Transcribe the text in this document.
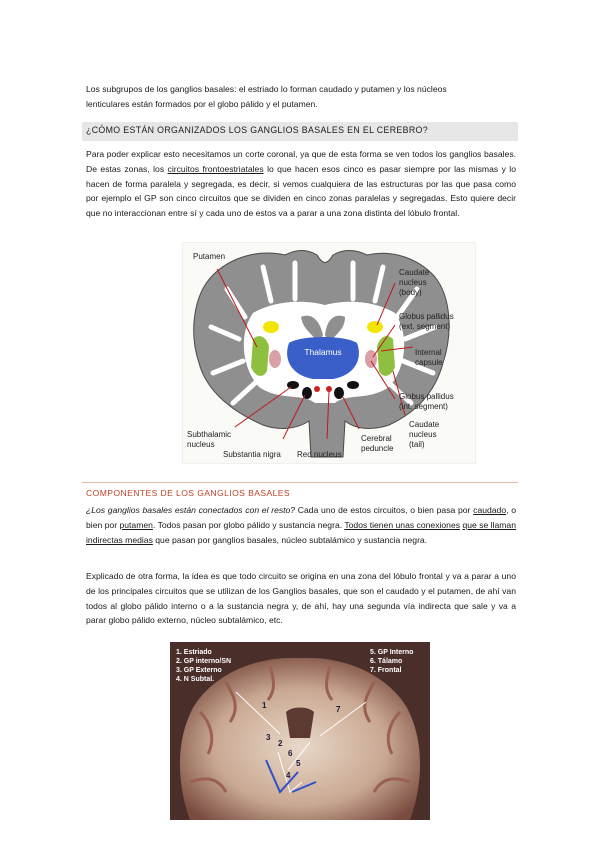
Los subgrupos de los ganglios basales: el estriado lo forman caudado y putamen y los núcleos
lenticulares están formados por el globo pálido y el putamen.

¿CÓMO ESTÁN ORGANIZADOS LOS GANGLIOS BASALES EN EL CEREBRO?

Para poder explicar esto necesitamos un corte coronal, ya que de esta forma se ven todos los ganglios basales. De estas zonas, los circuitos frontoestriatales lo que hacen esos cinco es pasar siempre por las mismas y lo hacen de forma paralela y segregada, es decir, si vemos cualquiera de las estructuras por las que pasa como por ejemplo el GP son cinco circuitos que se dividen en cinco zonas paralelas y segregadas. Esto quiere decir que no interaccionan entre sí y cada uno de estos va a parar a una zona distinta del lóbulo frontal.

Thalamus
Putamen
Caudate
nucleus
(body)
Globus pallidus
(ext. segment)
Internal
capsule
Globus pallidus
(int. segment)
Caudate
nucleus
(tail)
Subthalamic
nucleus
Cerebral
peduncle
Substantia nigra Red nucleus

COMPONENTES DE LOS GANGLIOS BASALES

¿Los ganglios basales están conectados con el resto? Cada uno de estos circuitos, o bien pasa por caudado, o bien por putamen. Todos pasan por globo pálido y sustancia negra. Todos tienen unas conexiones que se llaman indirectas medias que pasan por ganglios basales, núcleo subtalámico y sustancia negra.

Explicado de otra forma, la idea es que todo circuito se origina en una zona del lóbulo frontal y va a parar a uno de los principales circuitos que se utilizan de los Ganglios basales, que son el caudado y el putamen, de ahí van todos al globo pálido interno o a la sustancia negra y, de ahí, hay una segunda vía indirecta que sale y va a parar globo pálido externo, núcleo subtalámico, etc.

1. Estriado
2. GP interno/SN
3. GP Externo
4. N Subtal.
5. GP Interno
6. Tálamo
7. Frontal
1
2
3
4
5
6
7
